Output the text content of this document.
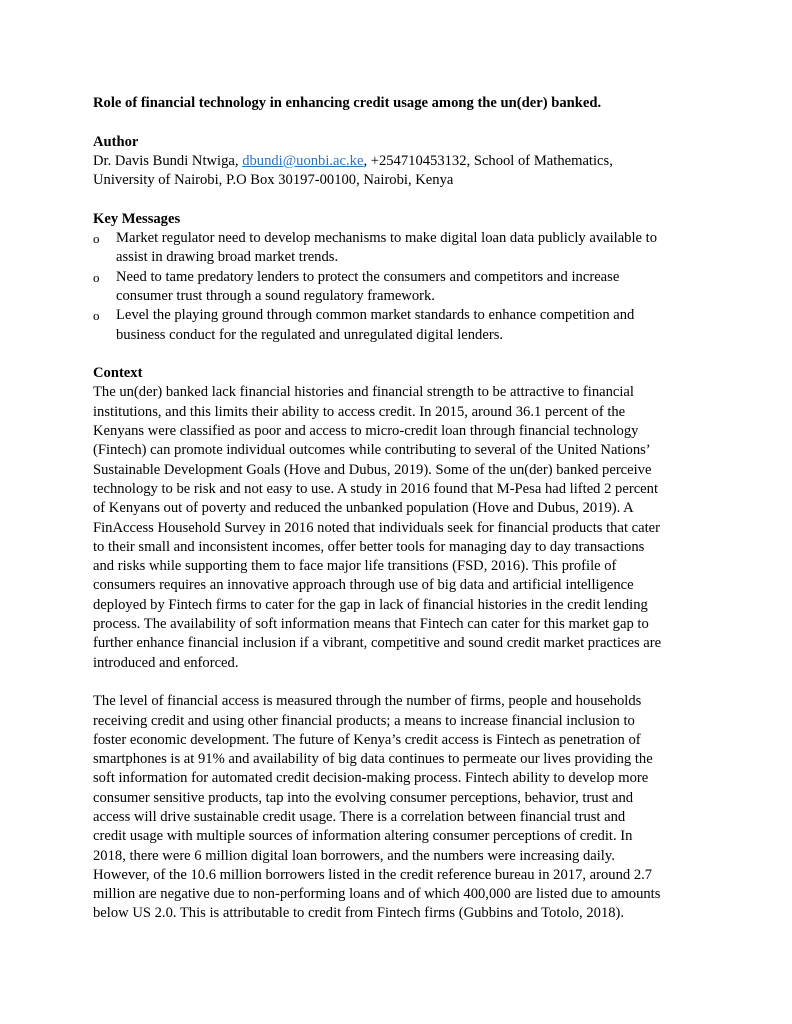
Role of financial technology in enhancing credit usage among the un(der) banked.

Author

Dr. Davis Bundi Ntwiga, dbundi@uonbi.ac.ke, +254710453132, School of Mathematics,

University of Nairobi, P.O Box 30197-00100, Nairobi, Kenya

Key Messages

o Market regulator need to develop mechanisms to make digital loan data publicly available to
assist in drawing broad market trends.
o Need to tame predatory lenders to protect the consumers and competitors and increase
consumer trust through a sound regulatory framework.
o Level the playing ground through common market standards to enhance competition and
business conduct for the regulated and unregulated digital lenders.

Context

The un(der) banked lack financial histories and financial strength to be attractive to financial
institutions, and this limits their ability to access credit. In 2015, around 36.1 percent of the
Kenyans were classified as poor and access to micro-credit loan through financial technology
(Fintech) can promote individual outcomes while contributing to several of the United Nations’
Sustainable Development Goals (Hove and Dubus, 2019). Some of the un(der) banked perceive
technology to be risk and not easy to use. A study in 2016 found that M-Pesa had lifted 2 percent
of Kenyans out of poverty and reduced the unbanked population (Hove and Dubus, 2019). A
FinAccess Household Survey in 2016 noted that individuals seek for financial products that cater
to their small and inconsistent incomes, offer better tools for managing day to day transactions
and risks while supporting them to face major life transitions (FSD, 2016). This profile of
consumers requires an innovative approach through use of big data and artificial intelligence
deployed by Fintech firms to cater for the gap in lack of financial histories in the credit lending
process. The availability of soft information means that Fintech can cater for this market gap to
further enhance financial inclusion if a vibrant, competitive and sound credit market practices are
introduced and enforced.
The level of financial access is measured through the number of firms, people and households
receiving credit and using other financial products; a means to increase financial inclusion to
foster economic development. The future of Kenya’s credit access is Fintech as penetration of
smartphones is at 91% and availability of big data continues to permeate our lives providing the
soft information for automated credit decision-making process. Fintech ability to develop more
consumer sensitive products, tap into the evolving consumer perceptions, behavior, trust and
access will drive sustainable credit usage. There is a correlation between financial trust and
credit usage with multiple sources of information altering consumer perceptions of credit. In
2018, there were 6 million digital loan borrowers, and the numbers were increasing daily.
However, of the 10.6 million borrowers listed in the credit reference bureau in 2017, around 2.7
million are negative due to non-performing loans and of which 400,000 are listed due to amounts
below US 2.0. This is attributable to credit from Fintech firms (Gubbins and Totolo, 2018).
